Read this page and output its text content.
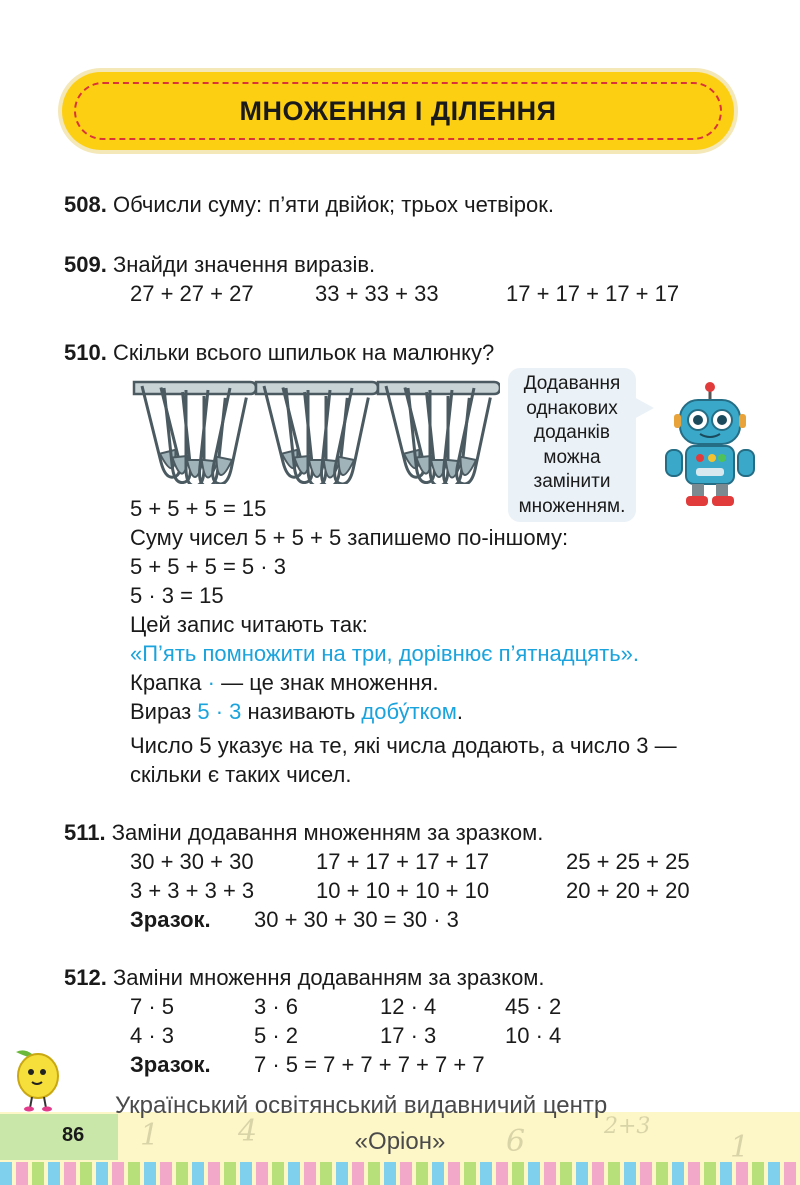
МНОЖЕННЯ І ДІЛЕННЯ
508. Обчисли суму: п’яти двійок; трьох четвірок.
509. Знайди значення виразів.
27 + 27 + 27	33 + 33 + 33	17 + 17 + 17 + 17
510. Скільки всього шпильок на малюнку?
Додавання
однакових
доданків
можна
замінити
множенням.
5 + 5 + 5 = 15
Суму чисел 5 + 5 + 5 запишемо по-іншому:
5 + 5 + 5 = 5 · 3
5 · 3 = 15
Цей запис читають так:
«П’ять помножити на три, дорівнює п’ятнадцять».
Крапка · — це знак множення.
Вираз 5 · 3 називають добу́тком.
Число 5 указує на те, які числа додають, а число 3 —
скільки є таких чисел.
511. Заміни додавання множенням за зразком.
30 + 30 + 30	17 + 17 + 17 + 17	25 + 25 + 25
3 + 3 + 3 + 3	10 + 10 + 10 + 10	20 + 20 + 20
Зразок. 30 + 30 + 30 = 30 · 3
512. Заміни множення додаванням за зразком.
7 · 5	3 · 6	12 · 4	45 · 2
4 · 3	5 · 2	17 · 3	10 · 4
Зразок. 7 · 5 = 7 + 7 + 7 + 7 + 7
1	4	6	2+3
1
86
Український освітянський видавничий центр
«Оріон»
